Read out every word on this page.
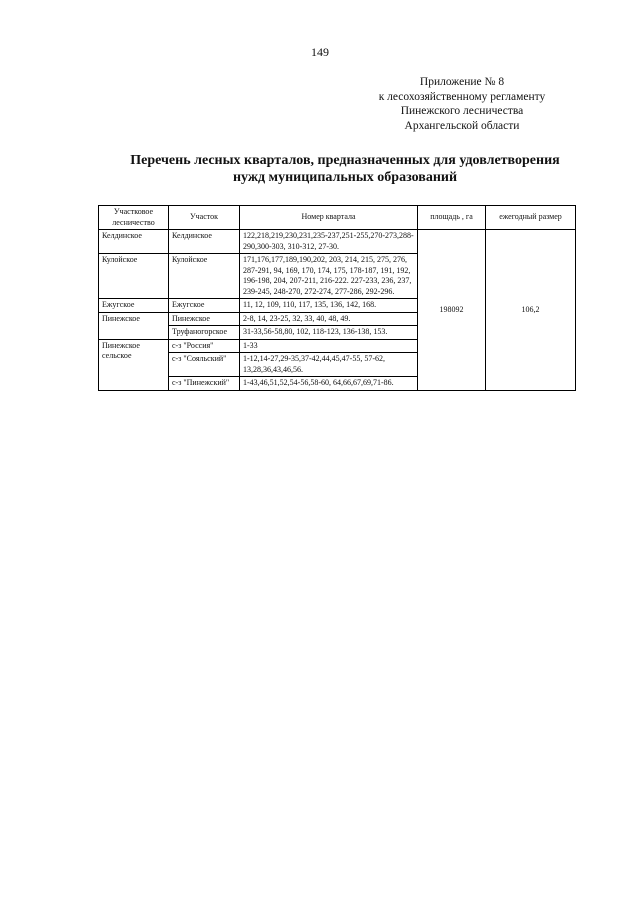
149
Приложение № 8
к лесохозяйственному регламенту
Пинежского лесничества
Архангельской области
Перечень лесных кварталов, предназначенных для удовлетворения
нужд муниципальных образований
Участковое лесничество	Участок	Номер квартала	площадь , га	ежегодный размер
Келдинское	Келдинское	122,218,219,230,231,235-237,251-255,270-273,288-290,300-303, 310-312, 27-30.	198092	106,2
Кулойское	Кулойское	171,176,177,189,190,202, 203, 214, 215, 275, 276, 287-291, 94, 169, 170, 174, 175, 178-187, 191, 192, 196-198, 204, 207-211, 216-222. 227-233, 236, 237, 239-245, 248-270, 272-274, 277-286, 292-296.		
Ежугское	Ежугское	11, 12, 109, 110, 117, 135, 136, 142, 168.		
Пинежское	Пинежское	2-8, 14, 23-25, 32, 33, 40, 48, 49.		
	Труфаногорское	31-33,56-58,80, 102, 118-123, 136-138, 153.		
Пинежское сельское	с-з "Россия"	1-33		
	с-з "Сояльский"	1-12,14-27,29-35,37-42,44,45,47-55, 57-62, 13,28,36,43,46,56.		
	с-з "Пинежский"	1-43,46,51,52,54-56,58-60, 64,66,67,69,71-86.		
